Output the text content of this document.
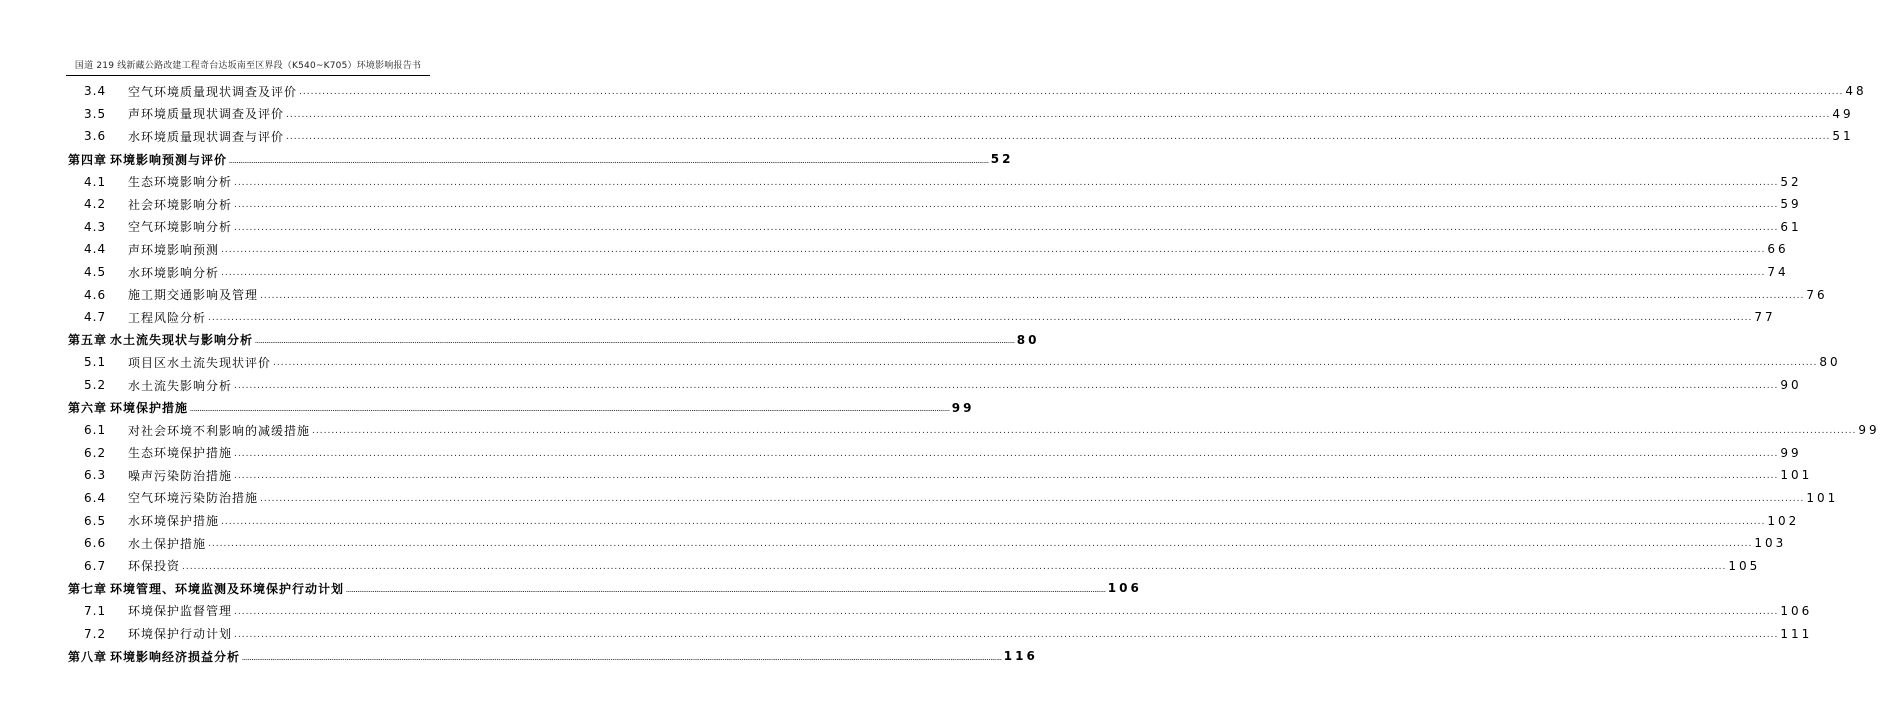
国道 219 线新藏公路改建工程奇台达坂南至区界段（K540~K705）环境影响报告书
3.4	空气环境质量现状调查及评价 ................................................................................................................................................................................................................................................................................................................................................................................................................ 48
3.5	声环境质量现状调查及评价 ................................................................................................................................................................................................................................................................................................................................................................................................................ 49
3.6	水环境质量现状调查与评价 ................................................................................................................................................................................................................................................................................................................................................................................................................ 51
第四章 环境影响预测与评价 ................................................................................................................................................................................................................................................................................................................................................................................................................ 52
4.1	生态环境影响分析 ................................................................................................................................................................................................................................................................................................................................................................................................................ 52
4.2	社会环境影响分析 ................................................................................................................................................................................................................................................................................................................................................................................................................ 59
4.3	空气环境影响分析 ................................................................................................................................................................................................................................................................................................................................................................................................................ 61
4.4	声环境影响预测 ................................................................................................................................................................................................................................................................................................................................................................................................................ 66
4.5	水环境影响分析 ................................................................................................................................................................................................................................................................................................................................................................................................................ 74
4.6	施工期交通影响及管理 ................................................................................................................................................................................................................................................................................................................................................................................................................ 76
4.7	工程风险分析 ................................................................................................................................................................................................................................................................................................................................................................................................................ 77
第五章 水土流失现状与影响分析 ................................................................................................................................................................................................................................................................................................................................................................................................................ 80
5.1	项目区水土流失现状评价 ................................................................................................................................................................................................................................................................................................................................................................................................................ 80
5.2	水土流失影响分析 ................................................................................................................................................................................................................................................................................................................................................................................................................ 90
第六章 环境保护措施 ................................................................................................................................................................................................................................................................................................................................................................................................................ 99
6.1	对社会环境不利影响的减缓措施 ................................................................................................................................................................................................................................................................................................................................................................................................................ 99
6.2	生态环境保护措施 ................................................................................................................................................................................................................................................................................................................................................................................................................ 99
6.3	噪声污染防治措施 ................................................................................................................................................................................................................................................................................................................................................................................................................ 101
6.4	空气环境污染防治措施 ................................................................................................................................................................................................................................................................................................................................................................................................................ 101
6.5	水环境保护措施 ................................................................................................................................................................................................................................................................................................................................................................................................................ 102
6.6	水土保护措施 ................................................................................................................................................................................................................................................................................................................................................................................................................ 103
6.7	环保投资 ................................................................................................................................................................................................................................................................................................................................................................................................................ 105
第七章 环境管理、环境监测及环境保护行动计划 ................................................................................................................................................................................................................................................................................................................................................................................................................ 106
7.1	环境保护监督管理 ................................................................................................................................................................................................................................................................................................................................................................................................................ 106
7.2	环境保护行动计划 ................................................................................................................................................................................................................................................................................................................................................................................................................ 111
第八章 环境影响经济损益分析 ................................................................................................................................................................................................................................................................................................................................................................................................................ 116
